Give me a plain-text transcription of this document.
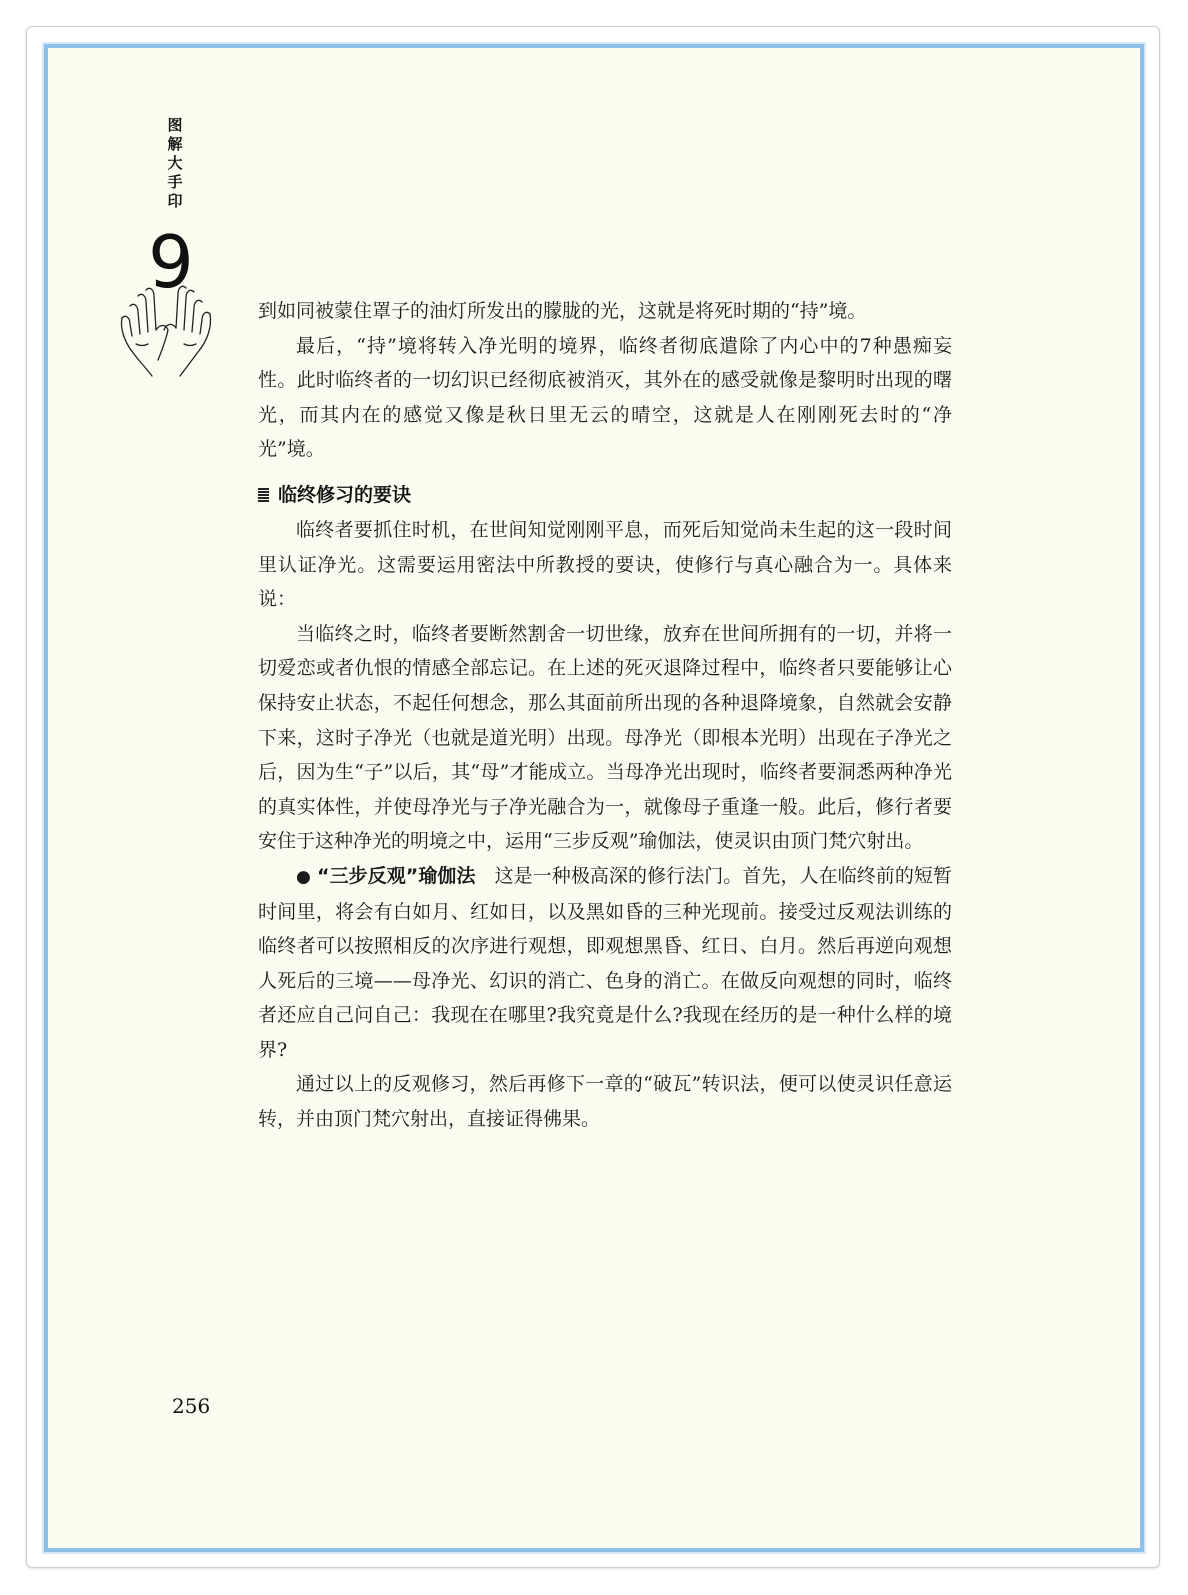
图解大手印
9

到如同被蒙住罩子的油灯所发出的朦胧的光，这就是将死时期的“持”境。

最后，“持”境将转入净光明的境界，临终者彻底遣除了内心中的7种愚痴妄性。此时临终者的一切幻识已经彻底被消灭，其外在的感受就像是黎明时出现的曙光，而其内在的感觉又像是秋日里无云的晴空，这就是人在刚刚死去时的“净光”境。

临终修习的要诀

临终者要抓住时机，在世间知觉刚刚平息，而死后知觉尚未生起的这一段时间里认证净光。这需要运用密法中所教授的要诀，使修行与真心融合为一。具体来说：

当临终之时，临终者要断然割舍一切世缘，放弃在世间所拥有的一切，并将一切爱恋或者仇恨的情感全部忘记。在上述的死灭退降过程中，临终者只要能够让心保持安止状态，不起任何想念，那么其面前所出现的各种退降境象，自然就会安静下来，这时子净光（也就是道光明）出现。母净光（即根本光明）出现在子净光之后，因为生“子”以后，其“母”才能成立。当母净光出现时，临终者要洞悉两种净光的真实体性，并使母净光与子净光融合为一，就像母子重逢一般。此后，修行者要安住于这种净光的明境之中，运用“三步反观”瑜伽法，使灵识由顶门梵穴射出。

● “三步反观”瑜伽法　 这是一种极高深的修行法门。首先，人在临终前的短暂时间里，将会有白如月、红如日，以及黑如昏的三种光现前。接受过反观法训练的临终者可以按照相反的次序进行观想，即观想黑昏、红日、白月。然后再逆向观想人死后的三境——母净光、幻识的消亡、色身的消亡。在做反向观想的同时，临终者还应自己问自己：我现在在哪里?我究竟是什么?我现在经历的是一种什么样的境界?

通过以上的反观修习，然后再修下一章的“破瓦”转识法，便可以使灵识任意运转，并由顶门梵穴射出，直接证得佛果。

256
